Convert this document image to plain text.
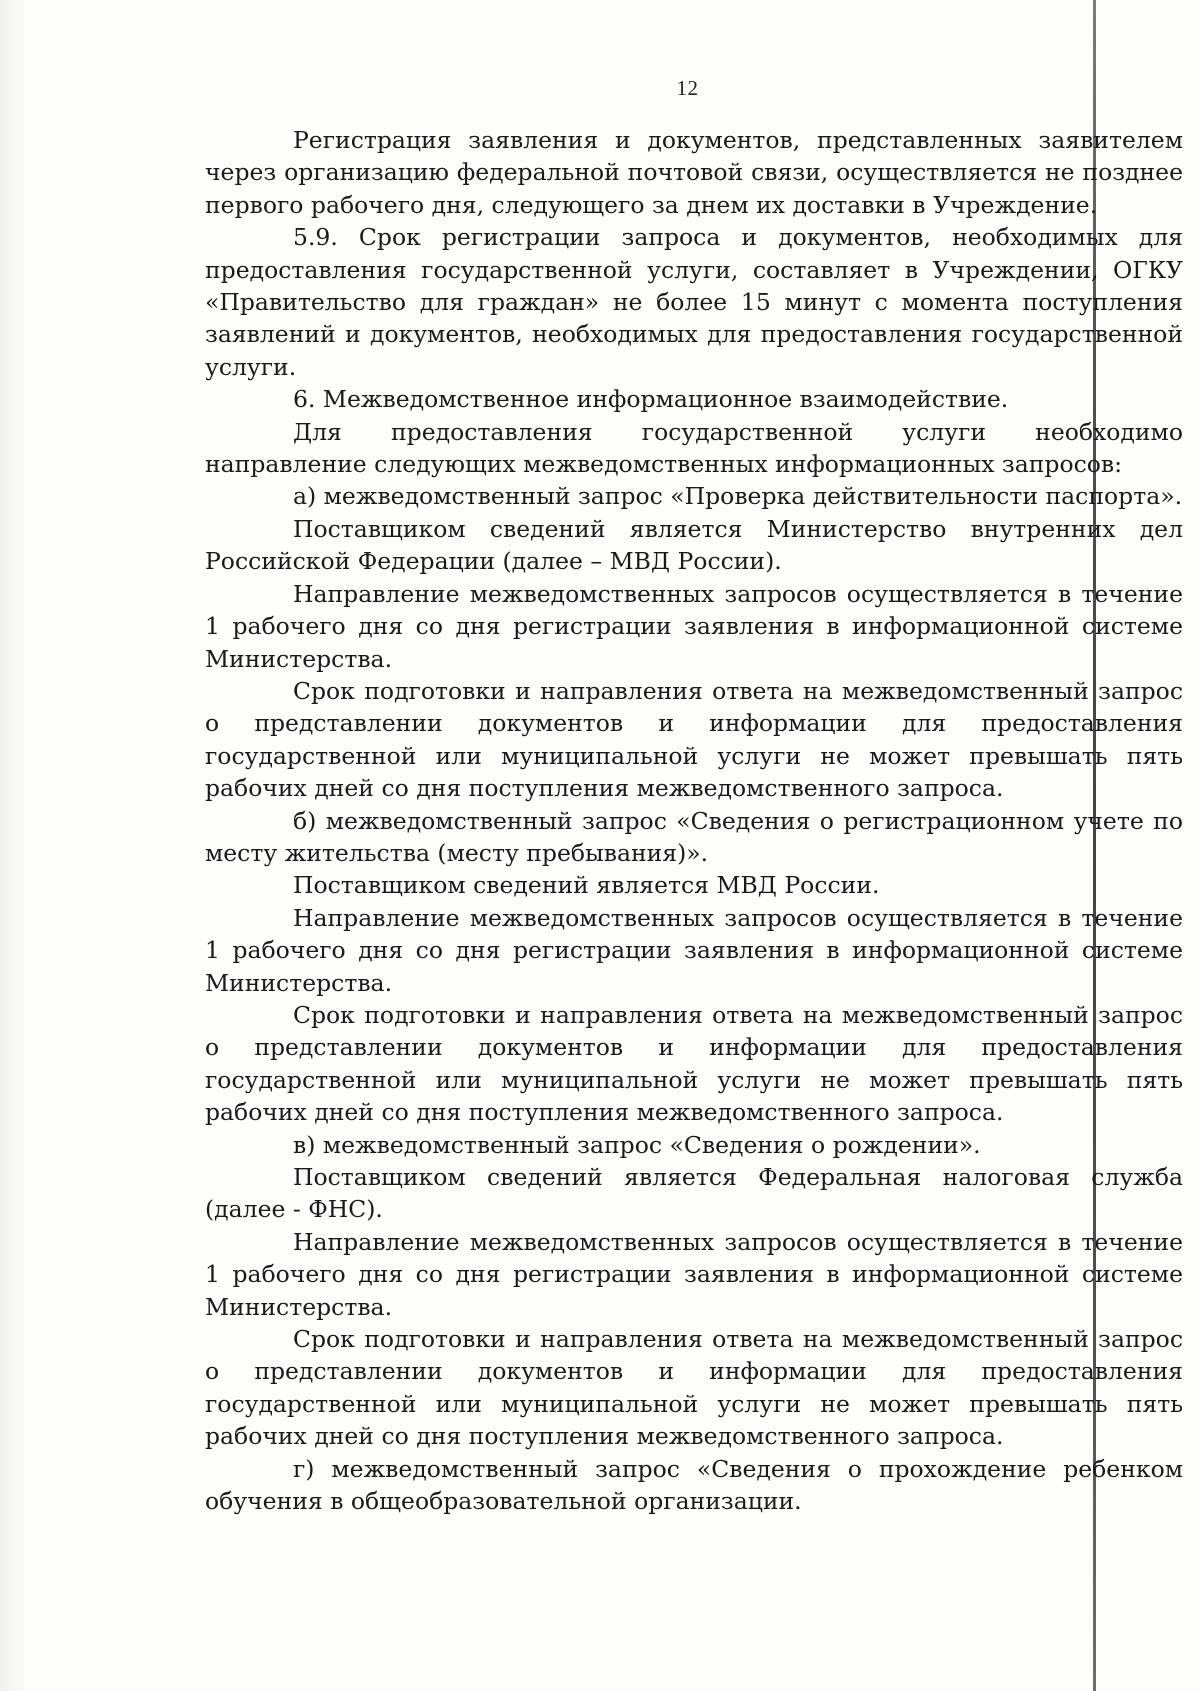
12

Регистрация заявления и документов, представленных заявителем через организацию федеральной почтовой связи, осуществляется не позднее первого рабочего дня, следующего за днем их доставки в Учреждение.

5.9. Срок регистрации запроса и документов, необходимых для предоставления государственной услуги, составляет в Учреждении, ОГКУ «Правительство для граждан» не более 15 минут с момента поступления заявлений и документов, необходимых для предоставления государственной услуги.

6. Межведомственное информационное взаимодействие.

Для предоставления государственной услуги необходимо направление следующих межведомственных информационных запросов:

а) межведомственный запрос «Проверка действительности паспорта».

Поставщиком сведений является Министерство внутренних дел Российской Федерации (далее – МВД России).

Направление межведомственных запросов осуществляется в течение 1 рабочего дня со дня регистрации заявления в информационной системе Министерства.

Срок подготовки и направления ответа на межведомственный запрос о представлении документов и информации для предоставления государственной или муниципальной услуги не может превышать пять рабочих дней со дня поступления межведомственного запроса.

б) межведомственный запрос «Сведения о регистрационном учете по месту жительства (месту пребывания)».

Поставщиком сведений является МВД России.

Направление межведомственных запросов осуществляется в течение 1 рабочего дня со дня регистрации заявления в информационной системе Министерства.

Срок подготовки и направления ответа на межведомственный запрос о представлении документов и информации для предоставления государственной или муниципальной услуги не может превышать пять рабочих дней со дня поступления межведомственного запроса.

в) межведомственный запрос «Сведения о рождении».

Поставщиком сведений является Федеральная налоговая служба (далее - ФНС).

Направление межведомственных запросов осуществляется в течение 1 рабочего дня со дня регистрации заявления в информационной системе Министерства.

Срок подготовки и направления ответа на межведомственный запрос о представлении документов и информации для предоставления государственной или муниципальной услуги не может превышать пять рабочих дней со дня поступления межведомственного запроса.

г) межведомственный запрос «Сведения о прохождение ребенком обучения в общеобразовательной организации.
